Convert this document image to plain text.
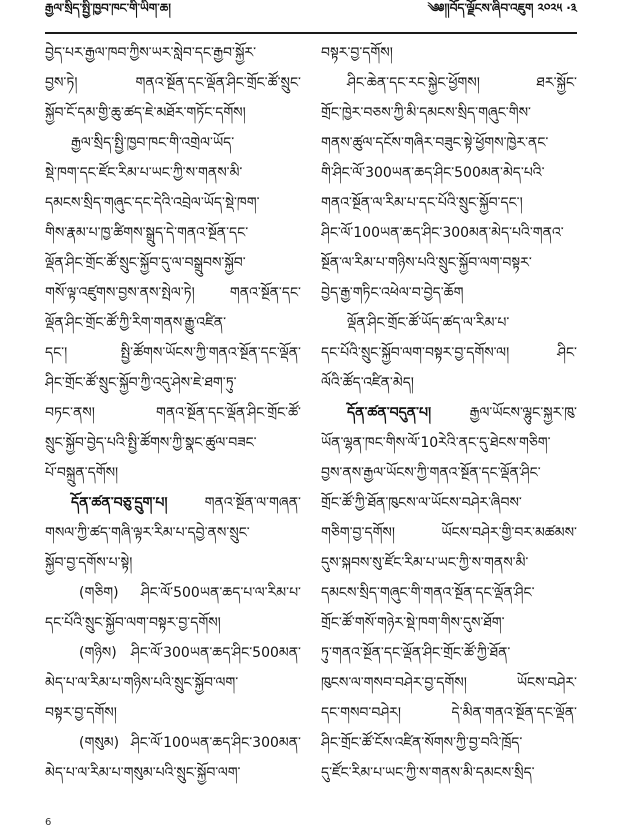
རྒྱལ་སྲིད་སྤྱི་ཁྱབ་ཁང་གི་ཡིག་ཆ།	༄༅།།བོད་ལྗོངས་ཞིབ་འཇུག ༢༠༢༥ ·༣
བྱེད་པར་རྒྱལ་ཁབ་ཀྱིས་ཡར་སླེབ་དང་རྒྱབ་སྐྱོར་
བྱས་ཏེ། གནའ་སྔོན་དང་ལྡོན་ཤིང་གྲོང་ཚོ་སྲུང་
སྐྱོབ་ངོ་དམ་གྱི་ཆུ་ཚད་ཇེ་མཐོར་གཏོང་དགོས།
རྒྱལ་སྲིད་སྤྱི་ཁྱབ་ཁང་གི་འགྲེལ་ཡོད་
སྡེ་ཁག་དང་ཛོང་རིམ་པ་ཡང་ཀྱི་ས་གནས་མི་
དམངས་སྲིད་གཞུང་དང་དེའི་འབྲེལ་ཡོད་སྡེ་ཁག་
གིས་རྣམ་པ་ཁྱ་ཚིགས་སྒྲུད་དེ་གནའ་སྔོན་དང་
ལྡོན་ཤིང་གྲོང་ཚོ་སྲུང་སྐྱོབ་དུ་ལ་བསྒྲུབས་སྐྱོབ་
གསོ་ལྟ་འཛུགས་བྱས་ནས་སྤེལ་ཏེ། གནའ་སྔོན་དང་
ལྡོན་ཤིང་གྲོང་ཚོ་ཀྱི་རིག་གནས་རྒྱུ་འཛིན་
དང་། སྤྱི་ཚོགས་ཡོངས་ཀྱི་གནའ་སྔོན་དང་ལྡོན་
ཤིང་གྲོང་ཚོ་སྲུང་སྐྱོབ་ཀྱི་འདུ་ཤེས་ཇེ་ཐག་ཏུ་
བཏང་ནས། གནའ་སྔོན་དང་ལྡོན་ཤིང་གྲོང་ཚོ་
སྲུང་སྐྱོབ་བྱེད་པའི་སྤྱི་ཚོགས་ཀྱི་སྣང་ཚུལ་བཟང་
པོ་བསྐྲུན་དགོས།
དོན་ཚན་བཅུ་དྲུག་པ། གནའ་སྔོན་ལ་གཞན་
གསལ་ཀྱི་ཚད་གཞི་ལྟར་རིམ་པ་དབྱེ་ནས་སྲུང་
སྐྱོབ་བྱ་དགོས་པ་སྟེ།
(གཅིག) ཤིང་ལོ་500ཡན་ཆད་པ་ལ་རིམ་པ་
དང་པོའི་སྲུང་སྐྱོབ་ལག་བསྟར་བྱ་དགོས།
(གཉིས) ཤིང་ལོ་300ཡན་ཆད་ཤིང་500མན་
མེད་པ་ལ་རིམ་པ་གཉིས་པའི་སྲུང་སྐྱོབ་ལག་
བསྟར་བྱ་དགོས།
(གསུམ) ཤིང་ལོ་100ཡན་ཆད་ཤིང་300མན་
མེད་པ་ལ་རིམ་པ་གསུམ་པའི་སྲུང་སྐྱོབ་ལག་
བསྟར་བྱ་དགོས།
ཤིང་ཆེན་དང་རང་སྐྱེང་ཕྱོགས། ཐར་སྐྱོང་
གྲོང་ཁྱེར་བཅས་ཀྱི་མི་དམངས་སྲིད་གཞུང་གིས་
གནས་ཚུལ་དངོས་གཞིར་བཟུང་སྟེ་ཕྱོགས་ཁྱེར་ནང་
གི་ཤིང་ལོ་300ཡན་ཆད་ཤིང་500མན་མེད་པའི་
གནའ་སྔོན་ལ་རིམ་པ་དང་པོའི་སྲུང་སྐྱོབ་དང་།
ཤིང་ལོ་100ཡན་ཆད་ཤིང་300མན་མེད་པའི་གནའ་
སྔོན་ལ་རིམ་པ་གཉིས་པའི་སྲུང་སྐྱོབ་ལག་བསྟར་
བྱེད་རྒྱ་གཏིང་འཕེལ་བ་བྱེད་ཆོག
ལྡོན་ཤིང་གྲོང་ཚོ་ཡོད་ཚད་ལ་རིམ་པ་
དང་པོའི་སྲུང་སྐྱོབ་ལག་བསྟར་བྱ་དགོས་ལ། ཤིང་
ལོའི་ཚོད་འཛིན་མེད།
དོན་ཚན་བདུན་པ། རྒྱལ་ཡོངས་ལྷུང་སྐྱར་ཁུ་
ཡོན་ལྷན་ཁང་གིས་ལོ་10རེའི་ནང་དུ་ཐེངས་གཅིག་
བྱས་ནས་རྒྱལ་ཡོངས་ཀྱི་གནའ་སྔོན་དང་ལྡོན་ཤིང་
གྲོང་ཚོ་ཀྱི་ཐོན་ཁུངས་ལ་ཡོངས་བཤེར་ཞིབས་
གཅིག་བྱ་དགོས། ཡོངས་བཤེར་གྱི་བར་མཚམས་
དུས་སྐབས་སུ་ཛོང་རིམ་པ་ཡང་ཀྱི་ས་གནས་མི་
དམངས་སྲིད་གཞུང་གི་གནའ་སྔོན་དང་ལྡོན་ཤིང་
གྲོང་ཚོ་གསོ་གཉེར་སྡེ་ཁག་གིས་དུས་ཐོག་
ཏུ་གནའ་སྔོན་དང་ལྡོན་ཤིང་གྲོང་ཚོ་ཀྱི་ཐོན་
ཁུངས་ལ་གསབ་བཤེར་བྱ་དགོས། ཡོངས་བཤེར་
དང་གསབ་བཤེར། དེ་མིན་གནའ་སྔོན་དང་ལྡོན་
ཤིང་གྲོང་ཚོ་ངོས་འཛིན་སོགས་ཀྱི་བྱ་བའི་ཁྲོད་
དུ་ཛོང་རིམ་པ་ཡང་ཀྱི་ས་གནས་མི་དམངས་སྲིད་
6
